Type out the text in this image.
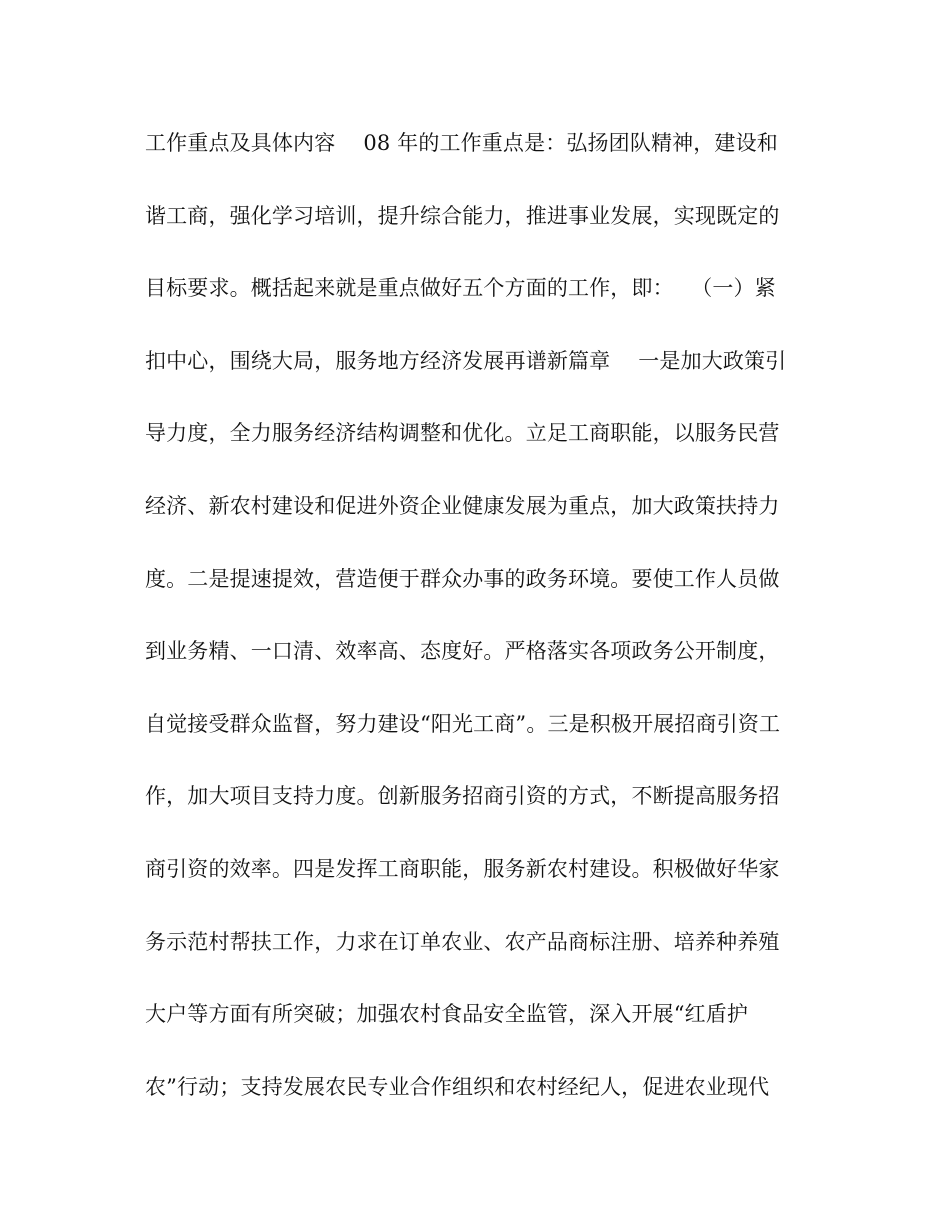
工作重点及具体内容　 08 年的工作重点是：弘扬团队精神，建设和
谐工商，强化学习培训，提升综合能力，推进事业发展，实现既定的
目标要求。概括起来就是重点做好五个方面的工作，即：　 （一）紧
扣中心，围绕大局，服务地方经济发展再谱新篇章　 一是加大政策引
导力度，全力服务经济结构调整和优化。立足工商职能，以服务民营
经济、新农村建设和促进外资企业健康发展为重点，加大政策扶持力
度。二是提速提效，营造便于群众办事的政务环境。要使工作人员做
到业务精、一口清、效率高、态度好。严格落实各项政务公开制度，
自觉接受群众监督，努力建设“阳光工商”。三是积极开展招商引资工
作，加大项目支持力度。创新服务招商引资的方式，不断提高服务招
商引资的效率。四是发挥工商职能，服务新农村建设。积极做好华家
务示范村帮扶工作，力求在订单农业、农产品商标注册、培养种养殖
大户等方面有所突破；加强农村食品安全监管，深入开展“红盾护
农”行动；支持发展农民专业合作组织和农村经纪人，促进农业现代
